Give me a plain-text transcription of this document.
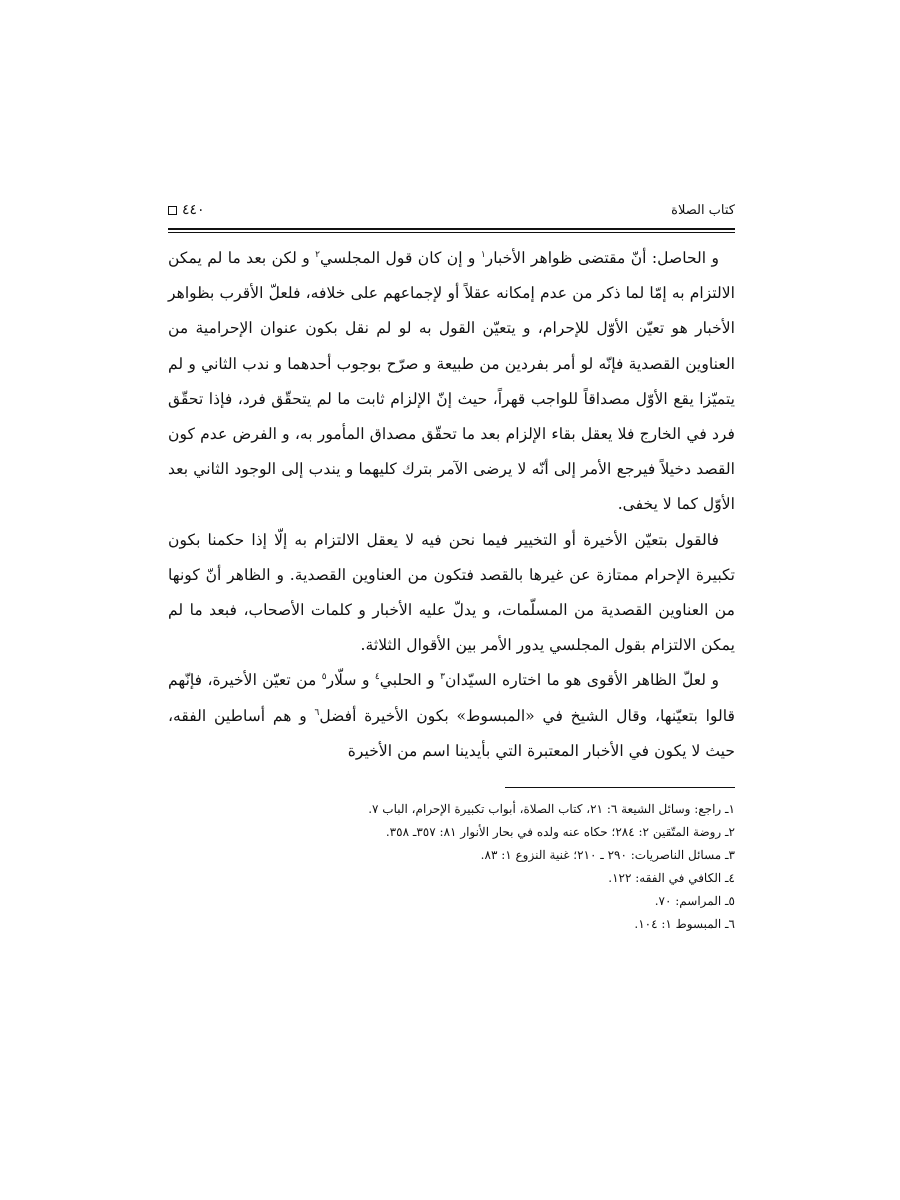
كتاب الصلاة
٤٤٠

و الحاصل: أنّ مقتضى ظواهر الأخبار$^١$ و إن كان قول المجلسي$^٢$ و لكن بعد ما لم يمكن الالتزام به إمّا لما ذكر من عدم إمكانه عقلاً أو لإجماعهم على خلافه، فلعلّ الأقرب بظواهر الأخبار هو تعيّن الأوّل للإحرام، و يتعيّن القول به لو لم نقل بكون عنوان الإحرامية من العناوين القصدية فإنّه لو أمر بفردين من طبيعة و صرّح بوجوب أحدهما و ندب الثاني و لم يتميّزا يقع الأوّل مصداقاً للواجب قهراً، حيث إنّ الإلزام ثابت ما لم يتحقّق فرد، فإذا تحقّق فرد في الخارج فلا يعقل بقاء الإلزام بعد ما تحقّق مصداق المأمور به، و الفرض عدم كون القصد دخيلاً فيرجع الأمر إلى أنّه لا يرضى الآمر بترك كليهما و يندب إلى الوجود الثاني بعد الأوّل كما لا يخفى.

فالقول بتعيّن الأخيرة أو التخيير فيما نحن فيه لا يعقل الالتزام به إلّا إذا حكمنا بكون تكبيرة الإحرام ممتازة عن غيرها بالقصد فتكون من العناوين القصدية. و الظاهر أنّ كونها من العناوين القصدية من المسلّمات، و يدلّ عليه الأخبار و كلمات الأصحاب، فبعد ما لم يمكن الالتزام بقول المجلسي يدور الأمر بين الأقوال الثلاثة.

و لعلّ الظاهر الأقوى هو ما اختاره السيّدان$^٣$ و الحلبي$^٤$ و سلّار$^٥$ من تعيّن الأخيرة، فإنّهم قالوا بتعيّنها، وقال الشيخ في «المبسوط» بكون الأخيرة أفضل$^٦$ و هم أساطين الفقه، حيث لا يكون في الأخبار المعتبرة التي بأيدينا اسم من الأخيرة

١ـ راجع: وسائل الشيعة ٦: ٢١، كتاب الصلاة، أبواب تكبيرة الإحرام، الباب ٧.

٢ـ روضة المتّقين ٢: ٢٨٤؛ حكاه عنه ولده في بحار الأنوار ٨١: ٣٥٧ـ ٣٥٨.

٣ـ مسائل الناصريات: ٢٩٠ ـ ٢١٠؛ غنية النزوع ١: ٨٣.

٤ـ الكافي في الفقه: ١٢٢.

٥ـ المراسم: ٧٠.

٦ـ المبسوط ١: ١٠٤.
